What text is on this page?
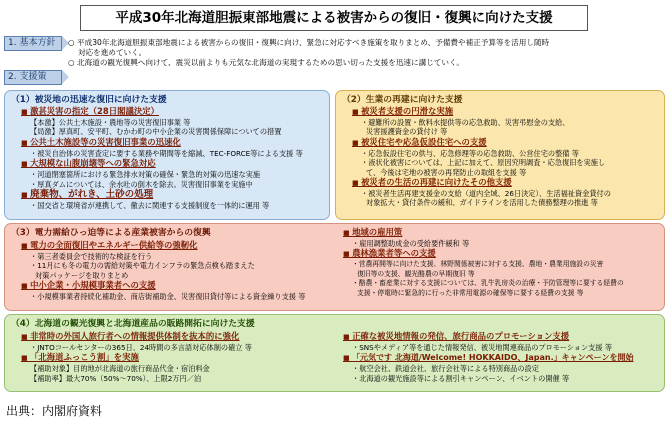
平成30年北海道胆振東部地震による被害からの復旧・復興に向けた支援
1. 基本方針	○ 平成30年北海道胆振東部地震による被害からの復旧・復興に向け、緊急に対応すべき施策を取りまとめ、予備費や補正予算等を活用し随時
対応を進めていく。
○ 北海道の観光復興へ向けて、震災以前よりも元気な北海道の実現するための思い切った支援を迅速に講じていく。
2. 支援策
（1）被災地の迅速な復旧に向けた支援
■ 激甚災害の指定（28日閣議決定）
【本激】公共土木施設・農地等の災害復旧事業 等
【局激】厚真町、安平町、むかわ町の中小企業の災害関係保障についての措置
■ 公共土木施設等の災害復旧事業の迅速化
・被災自治体の災害査定に要する業務や期間等を縮減、TEC-FORCE等による支援 等
■ 大規模な山腹崩壊等への緊急対応
・河道閉塞箇所における緊急排水対策の確保・緊急的対策の迅速な実施
・厚真ダムについては、余水吐の倒木を除去。災害復旧事業を実施中
■ 廃棄物、がれき、土砂の処理
・国交省と環境省が連携して、徹去に関連する支援制度を一体的に運用 等
（2）生業の再建に向けた支援
■ 被災者支援の円滑な実施
・避難所の設置・飲料水提供等の応急救助、災害弔慰金の支給、
災害援護資金の貸付け 等
■ 被災住宅や応急仮設住宅への支援
・応急仮設住宅の供与、応急修理等の応急救助、公営住宅の整備 等
・液状化被害については、上記に加えて、原因究明調査・応急復旧を実施し
て、今後は宅地の被害の再発防止の取組を支援 等
■ 被災者の生活の再建に向けたその他支援
・被災者生活再建支援金の支給（道内全域、26日決定）、生活福祉資金貸付の
対象拡大・貸付条件の緩和、ガイドラインを活用した債務整理の推進 等
（3）電力需給ひっ迫等による産業被害からの復興
■ 電力の全面復旧やエネルギー供給等の強靭化
・第三者委員会で技術的な検証を行う
・11月にも冬の電力の需給対策や電力インフラの緊急点検も踏まえた
対策パッケージを取りまとめ
■ 中小企業・小規模事業者への支援
・小規模事業者持続化補助金、商店街補助金、災害復旧貸付等による資金繰り支援 等
■ 地域の雇用策
・雇用調整助成金の受給要件緩和 等
■ 農林漁業者等への支援
・営農再開等に向けた支援、林野関係被害に対する支援、農地・農業用施設の災害
復旧等の支援、観光酪農の早期復旧 等
・酪農・畜産業に対する支援については、乳牛乳房炎の治療・予防管理等に要する経費の
支援・停電時に緊急的に行った非常用電源の確保等に要する経費の支援 等
（4）北海道の観光復興と北海道産品の販路開拓に向けた支援
■ 非常時の外国人旅行者への情報提供体制を抜本的に強化
・JNTOコールセンターの365日、24時間の多言語対応体制の確立 等
■ 「北海道ふっこう割」を実施
【補助対象】目的地が北海道の旅行商品代金・宿泊料金
【補助率】最大70%（50%～70%）、上限2万円／泊
■ 正確な被災地情報の発信、旅行商品のプロモーション支援
・SNSやメディア等を通じた情報発信、被災地関連商品のプロモーション支援 等
■ 「元気です 北海道/Welcome! HOKKAIDO、Japan.」キャンペーンを開始
・航空会社、鉄道会社、旅行会社等による特別商品の設定
・北海道の観光施設等による割引キャンペーン、イベントの開催 等
出典：内閣府資料
